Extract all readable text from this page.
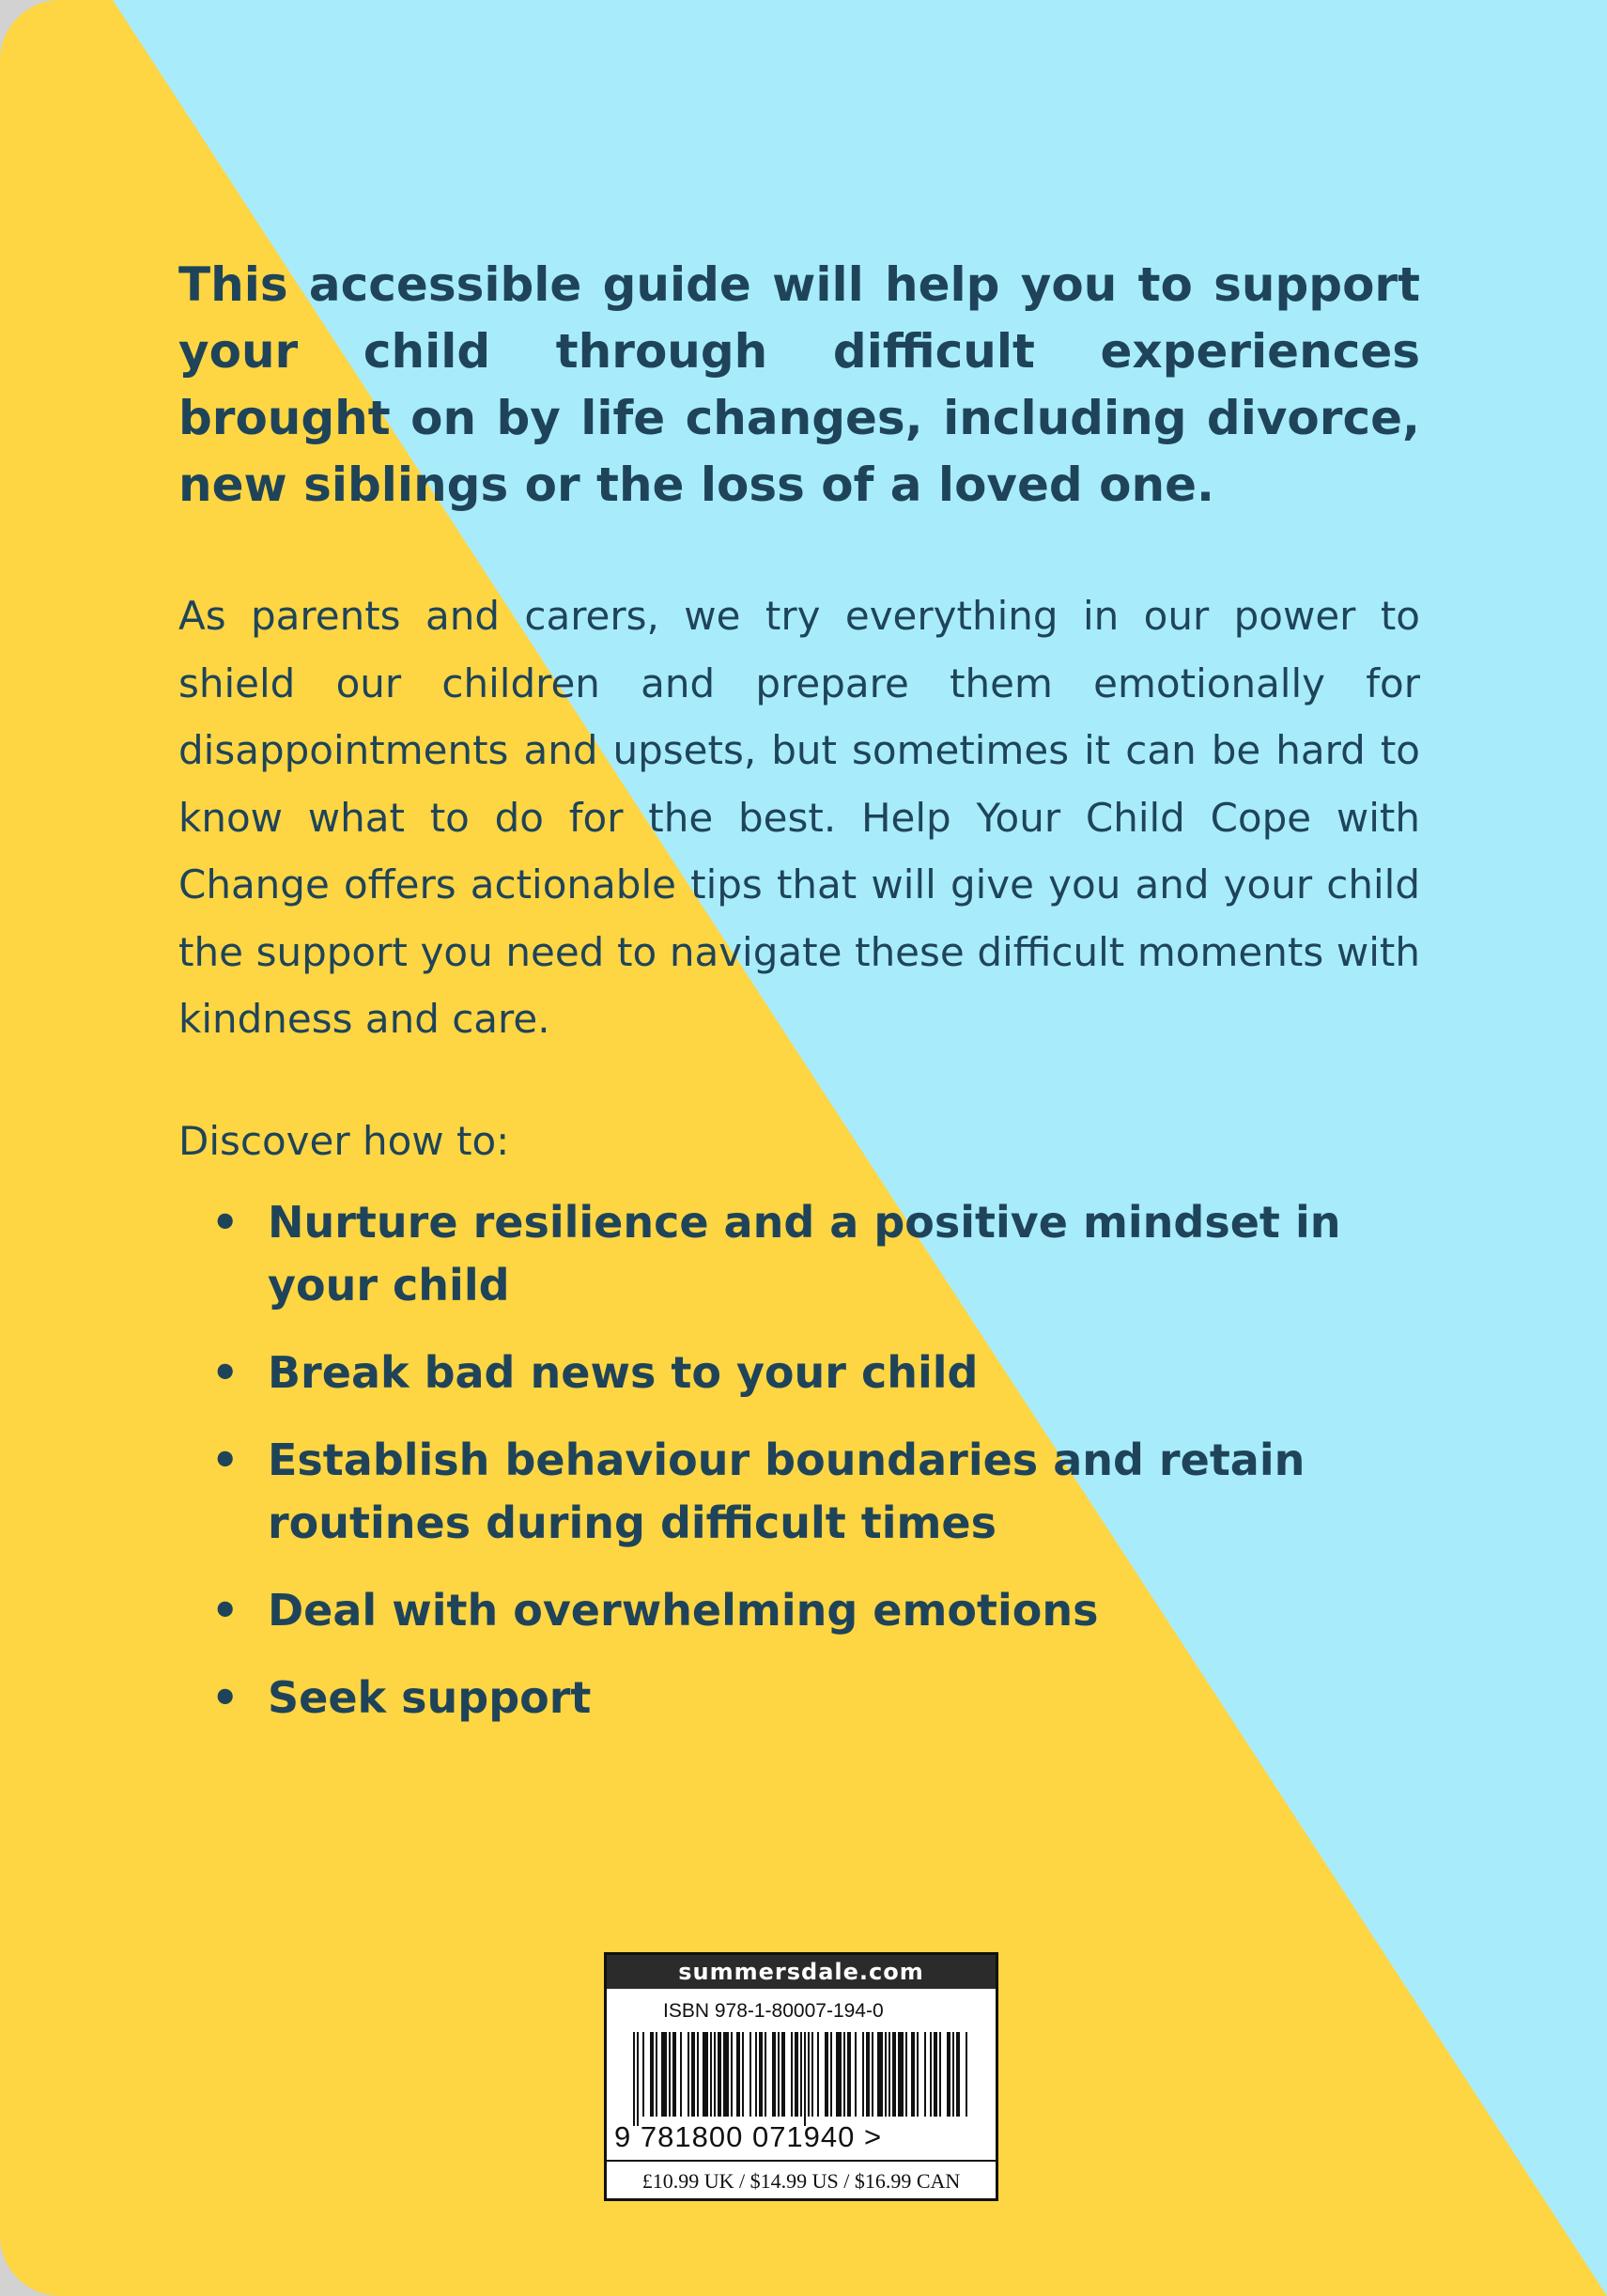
This accessible guide will help you to support your child through difficult experiences brought on by life changes, including divorce, new siblings or the loss of a loved one.

As parents and carers, we try everything in our power to shield our children and prepare them emotionally for disappointments and upsets, but sometimes it can be hard to know what to do for the best. Help Your Child Cope with Change offers actionable tips that will give you and your child the support you need to navigate these difficult moments with kindness and care.

Discover how to:

• Nurture resilience and a positive mindset in your child
• Break bad news to your child
• Establish behaviour boundaries and retain routines during difficult times
• Deal with overwhelming emotions
• Seek support
summersdale.com
ISBN 978-1-80007-194-0
9 781800 071940 >
£10.99 UK / $14.99 US / $16.99 CAN
